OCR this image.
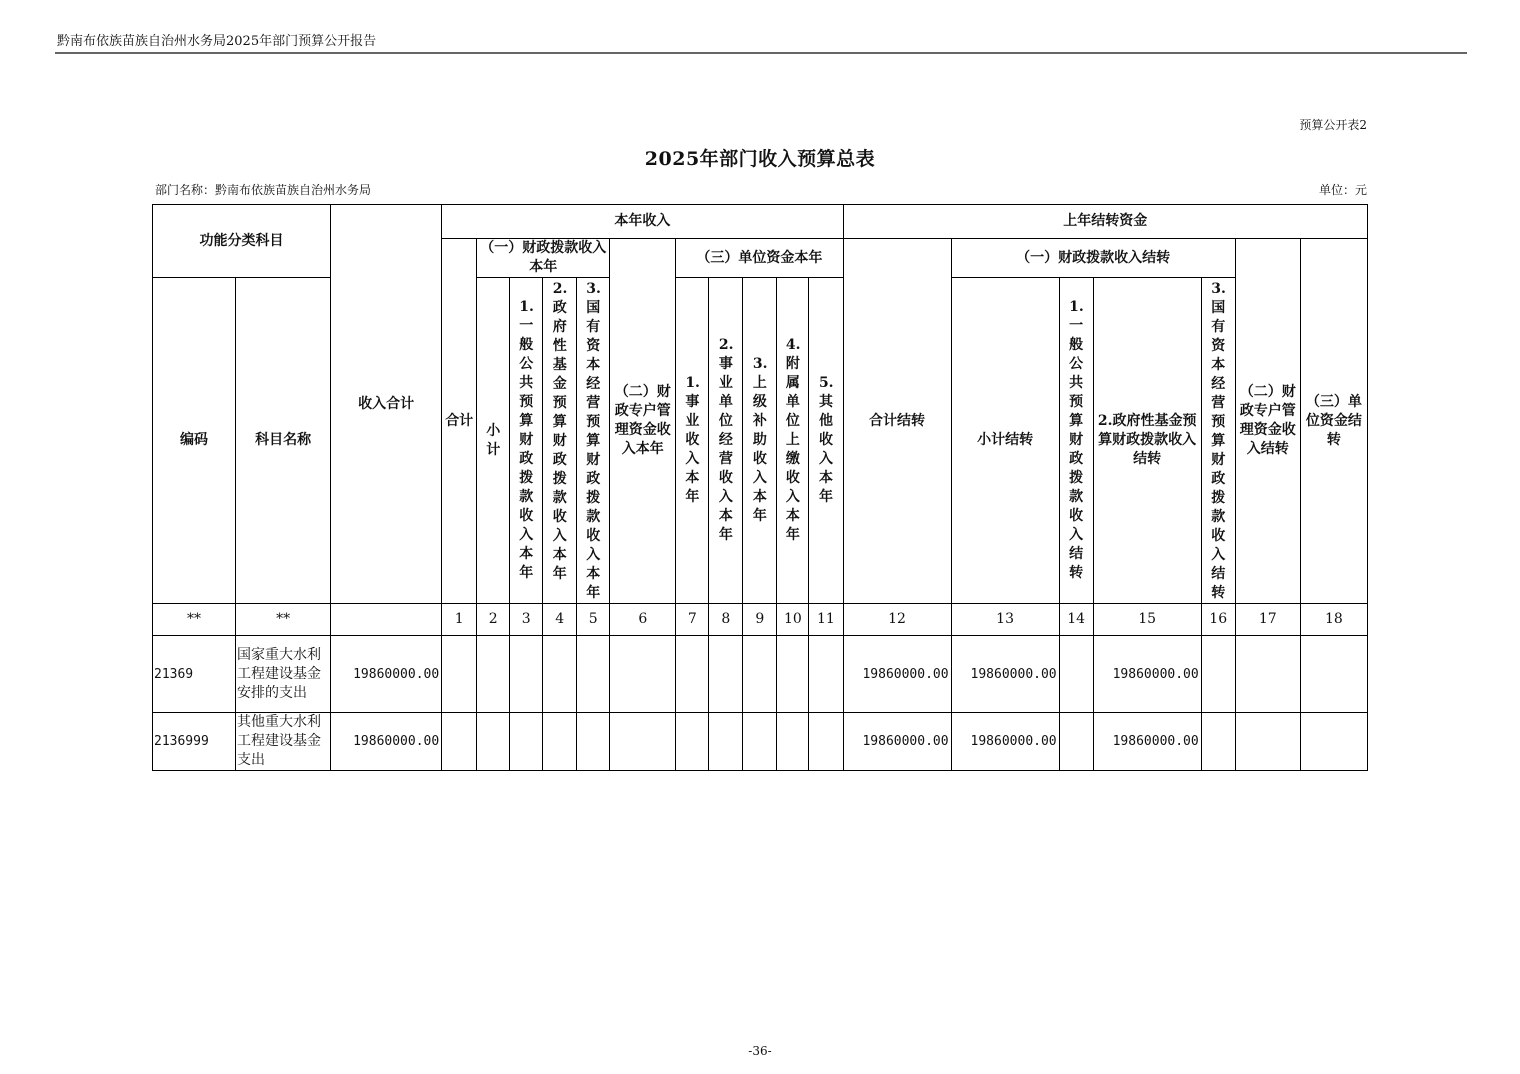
黔南布依族苗族自治州水务局2025年部门预算公开报告
预算公开表2
2025年部门收入预算总表
部门名称：黔南布依族苗族自治州水务局	单位：元
功能分类科目		收入合计	本年收入											上年结转资金						
			合计	（一）财政拨款收入本年				（二）财政专户管理资金收入本年	（三）单位资金本年					合计结转	（一）财政拨款收入结转				（二）财政专户管理资金收入结转	（三）单位资金结转
编码	科目名称			小计	1.一般公共预算财政拨款收入本年	2.政府性基金预算财政拨款收入本年	3.国有资本经营预算财政拨款收入本年		1.事业收入本年	2.事业单位经营收入本年	3.上级补助收入本年	4.附属单位上缴收入本年	5.其他收入本年		小计结转	1.一般公共预算财政拨款收入结转	2.政府性基金预算财政拨款收入结转	3.国有资本经营预算财政拨款收入结转		

**	**		1	2	3	4	5	6	7	8	9	10	11	12	13	14	15	16	17	18
21369	国家重大水利工程建设基金安排的支出	19860000.00												19860000.00	19860000.00		19860000.00			
2136999	其他重大水利工程建设基金支出	19860000.00												19860000.00	19860000.00		19860000.00			
-36-
